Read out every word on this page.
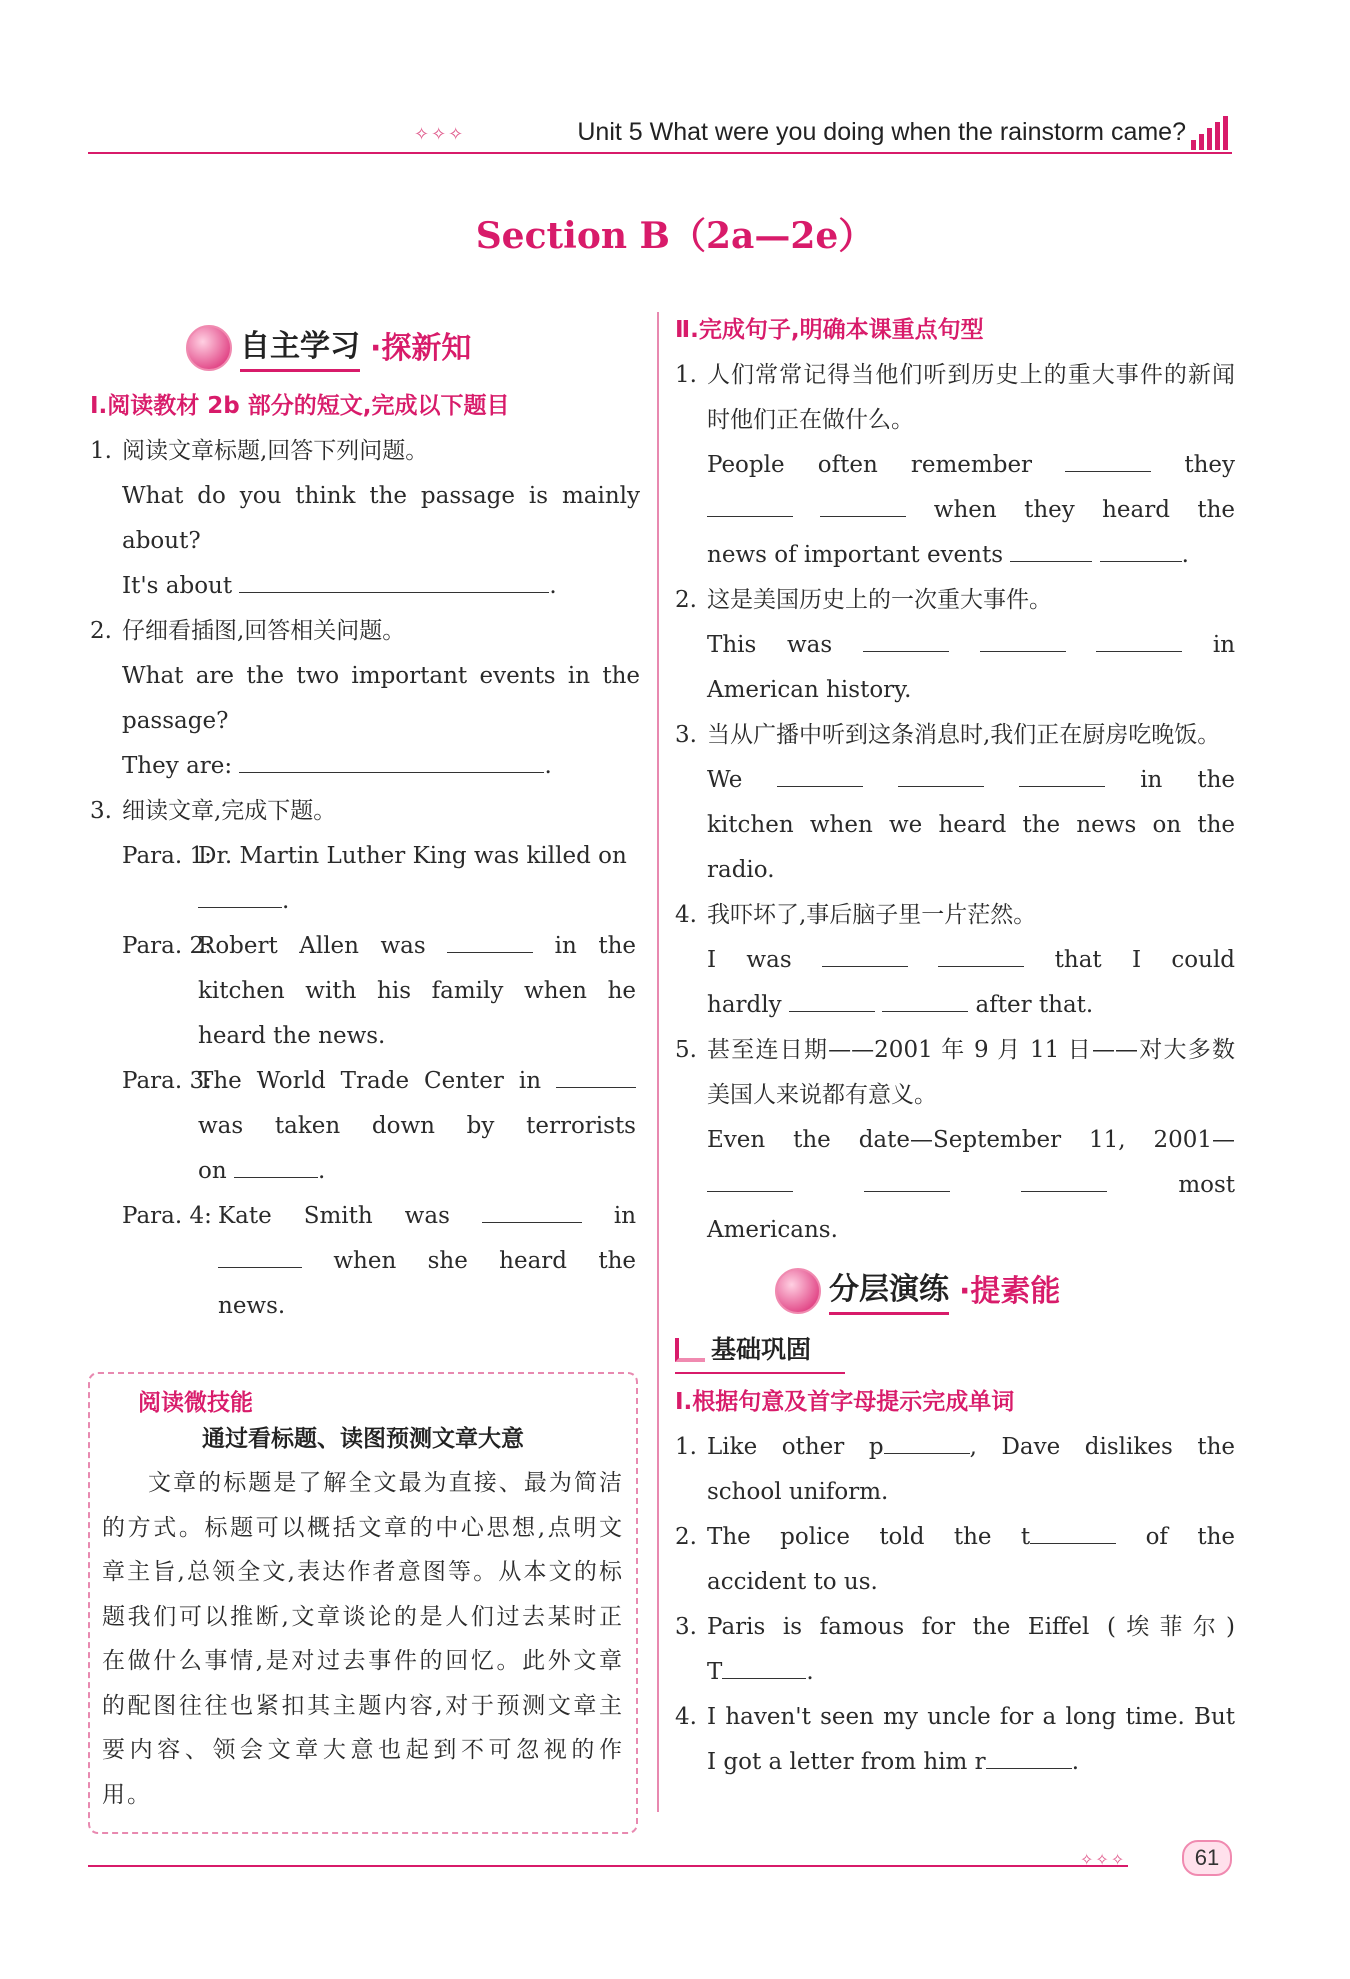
✧✧✧	Unit 5 What were you doing when the rainstorm came?
Section B（2a—2e）
自主学习 ·探新知
Ⅰ.阅读教材 2b 部分的短文,完成以下题目
1. 阅读文章标题,回答下列问题。
What do you think the passage is mainly about?
It's about	.
2. 仔细看插图,回答相关问题。
What are the two important events in the passage?
They are:	.
3. 细读文章,完成下题。
Para. 1:
Dr. Martin Luther King was killed on
.
Para. 2:
Robert Allen was	in the
kitchen with his family when he heard the news.
Para. 3:
The World Trade Center in
was taken down by terrorists
on	.
Para. 4: Kate Smith was	in
when she heard the
news.
阅读微技能
通过看标题、读图预测文章大意
文章的标题是了解全文最为直接、最为简洁的方式。标题可以概括文章的中心思想,点明文章主旨,总领全文,表达作者意图等。从本文的标题我们可以推断,文章谈论的是人们过去某时正在做什么事情,是对过去事件的回忆。此外文章的配图往往也紧扣其主题内容,对于预测文章主要内容、领会文章大意也起到不可忽视的作用。
Ⅱ.完成句子,明确本课重点句型
1. 人们常常记得当他们听到历史上的重大事件的新闻时他们正在做什么。
People often remember	they
when they heard the
news of important events	.
2. 这是美国历史上的一次重大事件。
This was	in
American history.
3. 当从广播中听到这条消息时,我们正在厨房吃晚饭。
We	in the
kitchen when we heard the news on the
radio.
4. 我吓坏了,事后脑子里一片茫然。
I was	that I could
hardly	after that.
5. 甚至连日期——2001 年 9 月 11 日——对大多数美国人来说都有意义。
Even the date—September 11, 2001—
most
Americans.
分层演练 ·提素能
基础巩固
Ⅰ.根据句意及首字母提示完成单词
1. Like other p	, Dave dislikes the
school uniform.
2. The police told the t	of the
accident to us.
3. Paris is famous for the Eiffel (埃菲尔)
T	.
4. I haven't seen my uncle for a long time. But
I got a letter from him r	.
✧✧✧	61
